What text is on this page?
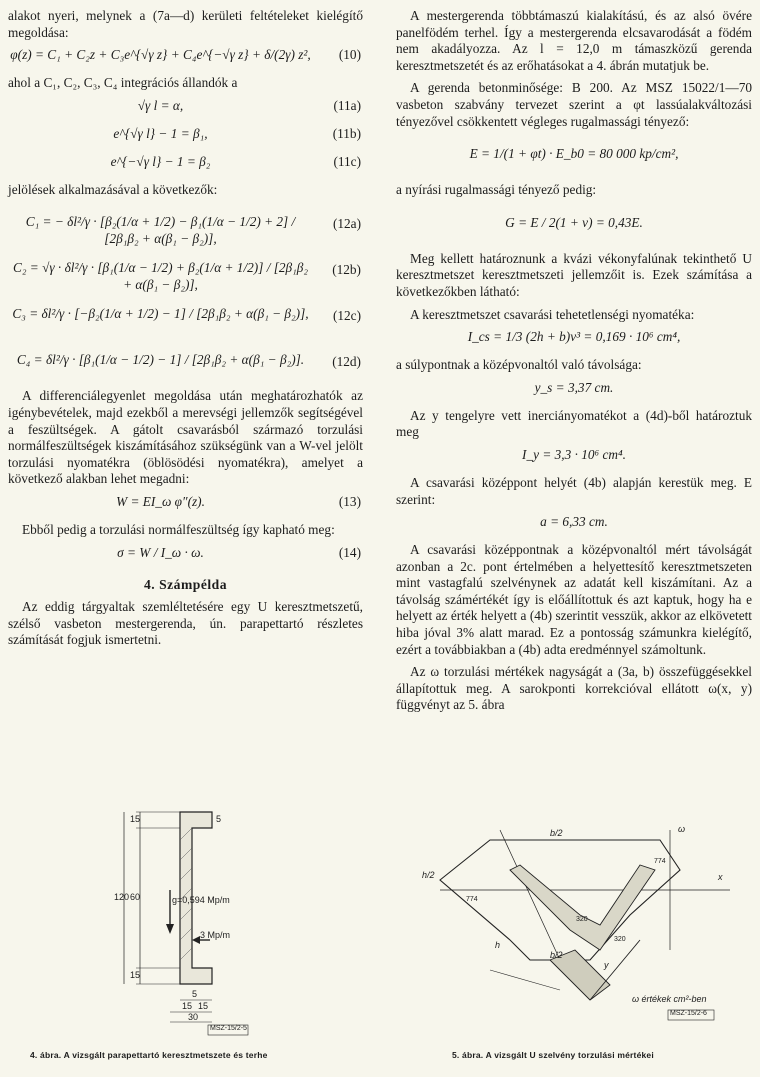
alakot nyeri, melynek a (7a—d) kerületi feltételeket kielégítő megoldása:

φ(z) = C₁ + C₂z + C₃e^{√γ z} + C₄e^{−√γ z} + δ/(2γ) z², (10)

ahol a C₁, C₂, C₃, C₄ integrációs állandók a

√γ l = α,	(11a)
e^{√γ l} − 1 = β₁,	(11b)
e^{−√γ l} − 1 = β₂	(11c)

jelölések alkalmazásával a következők:

C₁ = − δl²/γ · [β₂(1/α + 1/2) − β₁(1/α − 1/2) + 2] / [2β₁β₂ + α(β₁ − β₂)],
(12a)
C₂ = √γ · δl²/γ · [β₁(1/α − 1/2) + β₂(1/α + 1/2)] / [2β₁β₂ + α(β₁ − β₂)],
(12b)
C₃ = δl²/γ · [−β₂(1/α + 1/2) − 1] / [2β₁β₂ + α(β₁ − β₂)],	(12c)
C₄ = δl²/γ · [β₁(1/α − 1/2) − 1] / [2β₁β₂ + α(β₁ − β₂)].	(12d)

A differenciálegyenlet megoldása után meghatározhatók az igénybevételek, majd ezekből a merevségi jellemzők segítségével a feszültségek. A gátolt csavarásból származó torzulási normálfeszültségek kiszámításához szükségünk van a W-vel jelölt torzulási nyomatékra (öblösödési nyomatékra), amelyet a következő alakban lehet megadni:

W = EI_ω φ″(z).	(13)

Ebből pedig a torzulási normálfeszültség így kapható meg:

σ = W / I_ω · ω.	(14)
4. Számpélda

Az eddig tárgyaltak szemléltetésére egy U keresztmetszetű, szélső vasbeton mestergerenda, ún. parapettartó részletes számítását fogjuk ismertetni.

A mestergerenda többtámaszú kialakítású, és az alsó övére panelfödém terhel. Így a mestergerenda elcsavarodását a födém nem akadályozza. Az l = 12,0 m támaszközű gerenda keresztmetszetét és az erőhatásokat a 4. ábrán mutatjuk be.

A gerenda betonminősége: B 200. Az MSZ 15022/1—70 vasbeton szabvány tervezet szerint a φt lassúalakváltozási tényezővel csökkentett végleges rugalmassági tényező:

E = 1/(1 + φt) · E_b0 = 80 000 kp/cm²,

a nyírási rugalmassági tényező pedig:

G = E / 2(1 + ν) = 0,43E.

Meg kellett határoznunk a kvázi vékonyfalúnak tekinthető U keresztmetszet keresztmetszeti jellemzőit is. Ezek számítása a következőkben látható:

A keresztmetszet csavarási tehetetlenségi nyomatéka:

I_cs = 1/3 (2h + b)v³ = 0,169 · 10⁶ cm⁴,

a súlypontnak a középvonaltól való távolsága:

y_s = 3,37 cm.

Az y tengelyre vett inerciányomatékot a (4d)-ből határoztuk meg

I_y = 3,3 · 10⁶ cm⁴.

A csavarási középpont helyét (4b) alapján kerestük meg. E szerint:

a = 6,33 cm.

A csavarási középpontnak a középvonaltól mért távolságát azonban a 2c. pont értelmében a helyettesítő keresztmetszeten mint vastagfalú szelvénynek az adatát kell kiszámítani. Az a távolság számértékét így is előállítottuk és azt kaptuk, hogy ha e helyett az érték helyett a (4b) szerintit vesszük, akkor az elkövetett hiba jóval 3% alatt marad. Ez a pontosság számunkra kielégítő, ezért a továbbiakban a (4b) adta eredménnyel számoltunk.

Az ω torzulási mértékek nagyságát a (3a, b) összefüggésekkel állapítottuk meg. A sarokponti korrekcióval ellátott ω(x, y) függvényt az 5. ábra

g=0,594 Mp/m
3 Mp/m
120
15
60
15
5
15 15
30
5
MSZ-15/2-5
4. ábra. A vizsgált parapettartó keresztmetszete és terhe
b/2
h/2
h
b/2
x
y
ω
774
774
320
320
ω értékek cm²-ben
MSZ-15/2-6
5. ábra. A vizsgált U szelvény torzulási mértékei
